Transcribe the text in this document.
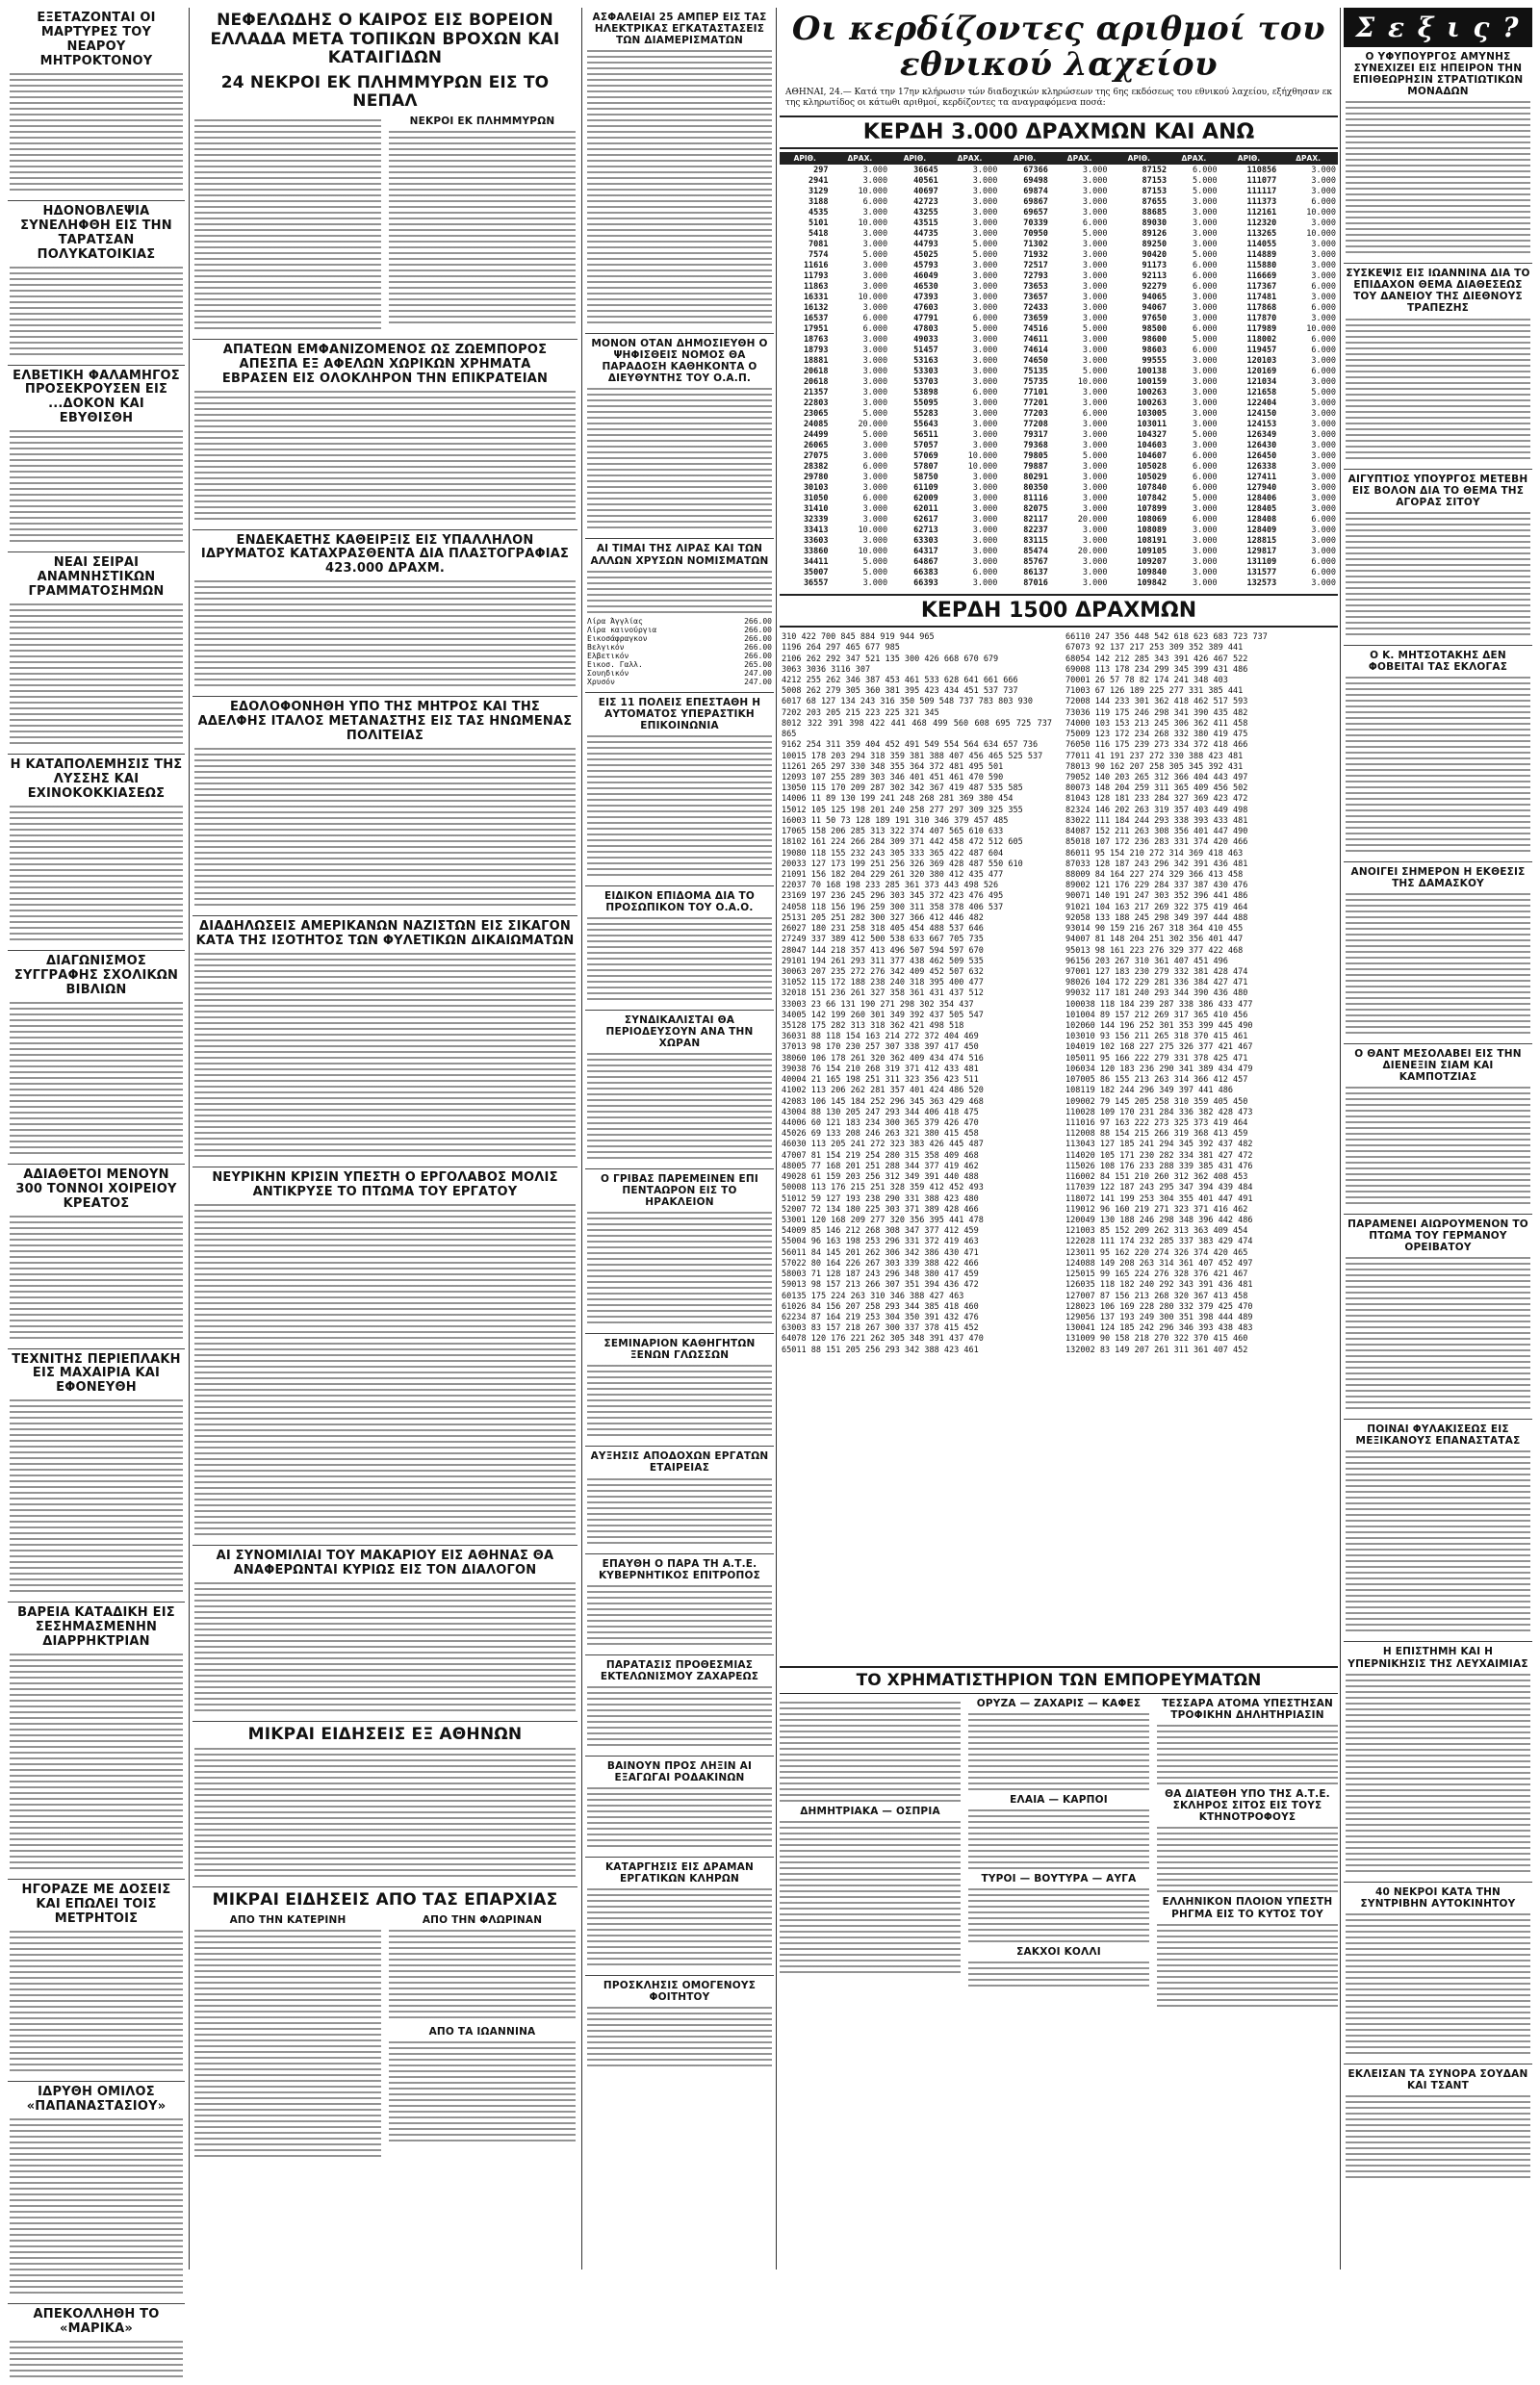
ΕΞΕΤΑΖΟΝΤΑΙ ΟΙ ΜΑΡΤΥΡΕΣ ΤΟΥ ΝΕΑΡΟΥ ΜΗΤΡΟΚΤΟΝΟΥ
ΗΔΟΝΟΒΛΕΨΙΑ ΣΥΝΕΛΗΦΘΗ ΕΙΣ ΤΗΝ ΤΑΡΑΤΣΑΝ ΠΟΛΥΚΑΤΟΙΚΙΑΣ
ΕΛΒΕΤΙΚΗ ΦΑΛΑΜΗΓΟΣ ΠΡΟΣΕΚΡΟΥΣΕΝ ΕΙΣ ...ΔΟΚΟΝ ΚΑΙ ΕΒΥΘΙΣΘΗ
ΝΕΑΙ ΣΕΙΡΑΙ ΑΝΑΜΝΗΣΤΙΚΩΝ ΓΡΑΜΜΑΤΟΣΗΜΩΝ
Η ΚΑΤΑΠΟΛΕΜΗΣΙΣ ΤΗΣ ΛΥΣΣΗΣ ΚΑΙ ΕΧΙΝΟΚΟΚΚΙΑΣΕΩΣ
ΔΙΑΓΩΝΙΣΜΟΣ ΣΥΓΓΡΑΦΗΣ ΣΧΟΛΙΚΩΝ ΒΙΒΛΙΩΝ
ΑΔΙΑΘΕΤΟΙ ΜΕΝΟΥΝ 300 ΤΟΝΝΟΙ ΧΟΙΡΕΙΟΥ ΚΡΕΑΤΟΣ
ΤΕΧΝΙΤΗΣ ΠΕΡΙΕΠΛΑΚΗ ΕΙΣ ΜΑΧΑΙΡΙΑ ΚΑΙ ΕΦΟΝΕΥΘΗ
ΒΑΡΕΙΑ ΚΑΤΑΔΙΚΗ ΕΙΣ ΣΕΣΗΜΑΣΜΕΝΗΝ ΔΙΑΡΡΗΚΤΡΙΑΝ
ΗΓΟΡΑΖΕ ΜΕ ΔΟΣΕΙΣ ΚΑΙ ΕΠΩΛΕΙ ΤΟΙΣ ΜΕΤΡΗΤΟΙΣ
ΙΔΡΥΘΗ ΟΜΙΛΟΣ «ΠΑΠΑΝΑΣΤΑΣΙΟΥ»
ΑΠΕΚΟΛΛΗΘΗ ΤΟ «ΜΑΡΙΚΑ»
ΝΕΦΕΛΩΔΗΣ Ο ΚΑΙΡΟΣ ΕΙΣ ΒΟΡΕΙΟΝ ΕΛΛΑΔΑ ΜΕΤΑ ΤΟΠΙΚΩΝ ΒΡΟΧΩΝ ΚΑΙ ΚΑΤΑΙΓΙΔΩΝ
24 ΝΕΚΡΟΙ ΕΚ ΠΛΗΜΜΥΡΩΝ ΕΙΣ ΤΟ ΝΕΠΑΛ
ΝΕΚΡΟΙ ΕΚ ΠΛΗΜΜΥΡΩΝ
ΑΠΑΤΕΩΝ ΕΜΦΑΝΙΖΟΜΕΝΟΣ ΩΣ ΖΩΕΜΠΟΡΟΣ ΑΠΕΣΠΑ ΕΞ ΑΦΕΛΩΝ ΧΩΡΙΚΩΝ ΧΡΗΜΑΤΑ
ΕΒΡΑΣΕΝ ΕΙΣ ΟΛΟΚΛΗΡΟΝ ΤΗΝ ΕΠΙΚΡΑΤΕΙΑΝ
ΕΝΔΕΚΑΕΤΗΣ ΚΑΘΕΙΡΞΙΣ ΕΙΣ ΥΠΑΛΛΗΛΟΝ ΙΔΡΥΜΑΤΟΣ ΚΑΤΑΧΡΑΣΘΕΝΤΑ ΔΙΑ ΠΛΑΣΤΟΓΡΑΦΙΑΣ 423.000 ΔΡΑΧΜ.
ΕΔΟΛΟΦΟΝΗΘΗ ΥΠΟ ΤΗΣ ΜΗΤΡΟΣ ΚΑΙ ΤΗΣ ΑΔΕΛΦΗΣ ΙΤΑΛΟΣ ΜΕΤΑΝΑΣΤΗΣ ΕΙΣ ΤΑΣ ΗΝΩΜΕΝΑΣ ΠΟΛΙΤΕΙΑΣ
ΔΙΑΔΗΛΩΣΕΙΣ ΑΜΕΡΙΚΑΝΩΝ ΝΑΖΙΣΤΩΝ ΕΙΣ ΣΙΚΑΓΟΝ ΚΑΤΑ ΤΗΣ ΙΣΟΤΗΤΟΣ ΤΩΝ ΦΥΛΕΤΙΚΩΝ ΔΙΚΑΙΩΜΑΤΩΝ
ΝΕΥΡΙΚΗΝ ΚΡΙΣΙΝ ΥΠΕΣΤΗ Ο ΕΡΓΟΛΑΒΟΣ ΜΟΛΙΣ ΑΝΤΙΚΡΥΣΕ ΤΟ ΠΤΩΜΑ ΤΟΥ ΕΡΓΑΤΟΥ
ΑΙ ΣΥΝΟΜΙΛΙΑΙ ΤΟΥ ΜΑΚΑΡΙΟΥ ΕΙΣ ΑΘΗΝΑΣ ΘΑ ΑΝΑΦΕΡΩΝΤΑΙ ΚΥΡΙΩΣ ΕΙΣ ΤΟΝ ΔΙΑΛΟΓΟΝ
ΜΙΚΡΑΙ ΕΙΔΗΣΕΙΣ ΕΞ ΑΘΗΝΩΝ
ΜΙΚΡΑΙ ΕΙΔΗΣΕΙΣ ΑΠΟ ΤΑΣ ΕΠΑΡΧΙΑΣ
ΑΠΟ ΤΗΝ ΚΑΤΕΡΙΝΗ	ΑΠΟ ΤΗΝ ΦΛΩΡΙΝΑΝ
ΑΠΟ ΤΑ ΙΩΑΝΝΙΝΑ
ΑΣΦΑΛΕΙΑΙ 25 ΑΜΠΕΡ ΕΙΣ ΤΑΣ ΗΛΕΚΤΡΙΚΑΣ ΕΓΚΑΤΑΣΤΑΣΕΙΣ ΤΩΝ ΔΙΑΜΕΡΙΣΜΑΤΩΝ
ΜΟΝΟΝ ΟΤΑΝ ΔΗΜΟΣΙΕΥΘΗ Ο ΨΗΦΙΣΘΕΙΣ ΝΟΜΟΣ ΘΑ ΠΑΡΑΔΟΣΗ ΚΑΘΗΚΟΝΤΑ Ο ΔΙΕΥΘΥΝΤΗΣ ΤΟΥ Ο.Α.Π.
ΑΙ ΤΙΜΑΙ ΤΗΣ ΛΙΡΑΣ ΚΑΙ ΤΩΝ ΑΛΛΩΝ ΧΡΥΣΩΝ ΝΟΜΙΣΜΑΤΩΝ
Λίρα Άγγλίας	266.00
Λίρα καινούργια	266.00
Εικοσάφραγκον	266.00
Βελγικόν	266.00
Ελβετικόν	266.00
Εικοσ. Γαλλ.	265.00
Σουηδικόν	247.00
Χρυσόν	247.00
ΕΙΣ 11 ΠΟΛΕΙΣ ΕΠΕΣΤΑΘΗ Η ΑΥΤΟΜΑΤΟΣ ΥΠΕΡΑΣΤΙΚΗ ΕΠΙΚΟΙΝΩΝΙΑ
ΕΙΔΙΚΟΝ ΕΠΙΔΟΜΑ ΔΙΑ ΤΟ ΠΡΟΣΩΠΙΚΟΝ ΤΟΥ Ο.Α.Ο.
ΣΥΝΔΙΚΑΛΙΣΤΑΙ ΘΑ ΠΕΡΙΟΔΕΥΣΟΥΝ ΑΝΑ ΤΗΝ ΧΩΡΑΝ
Ο ΓΡΙΒΑΣ ΠΑΡΕΜΕΙΝΕΝ ΕΠΙ ΠΕΝΤΑΩΡΟΝ ΕΙΣ ΤΟ ΗΡΑΚΛΕΙΟΝ
ΣΕΜΙΝΑΡΙΟΝ ΚΑΘΗΓΗΤΩΝ ΞΕΝΩΝ ΓΛΩΣΣΩΝ
ΑΥΞΗΣΙΣ ΑΠΟΔΟΧΩΝ ΕΡΓΑΤΩΝ ΕΤΑΙΡΕΙΑΣ
ΕΠΑΥΘΗ Ο ΠΑΡΑ ΤΗ Α.Τ.Ε. ΚΥΒΕΡΝΗΤΙΚΟΣ ΕΠΙΤΡΟΠΟΣ
ΠΑΡΑΤΑΣΙΣ ΠΡΟΘΕΣΜΙΑΣ ΕΚΤΕΛΩΝΙΣΜΟΥ ΖΑΧΑΡΕΩΣ
ΒΑΙΝΟΥΝ ΠΡΟΣ ΛΗΞΙΝ ΑΙ ΕΞΑΓΩΓΑΙ ΡΟΔΑΚΙΝΩΝ
ΚΑΤΑΡΓΗΣΙΣ ΕΙΣ ΔΡΑΜΑΝ ΕΡΓΑΤΙΚΩΝ ΚΛΗΡΩΝ
ΠΡΟΣΚΛΗΣΙΣ ΟΜΟΓΕΝΟΥΣ ΦΟΙΤΗΤΟΥ
Οι κερδίζοντες αριθμοί του εθνικού λαχείου
ΑΘΗΝΑΙ, 24.— Κατά την 17ην κλήρωσιν τών διαδοχικών κληρώσεων της 6ης εκδόσεως του εθνικού λαχείου, εξήχθησαν εκ της κληρωτίδος οι κάτωθι αριθμοί, κερδίζοντες τα αναγραφόμενα ποσά:
ΚΕΡΔΗ 3.000 ΔΡΑΧΜΩΝ ΚΑΙ ΑΝΩ
ΑΡΙΘ.	ΔΡΑΧ.	ΑΡΙΘ.	ΔΡΑΧ.	ΑΡΙΘ.	ΔΡΑΧ.	ΑΡΙΘ.	ΔΡΑΧ.	ΑΡΙΘ.	ΔΡΑΧ.
297	3.000	36645	3.000	67366	3.000	87152	6.000	110856	3.000
2941	3.000	40561	3.000	69498	3.000	87153	5.000	111077	3.000
3129	10.000	40697	3.000	69874	3.000	87153	5.000	111117	3.000
3188	6.000	42723	3.000	69867	3.000	87655	3.000	111373	6.000
4535	3.000	43255	3.000	69657	3.000	88685	3.000	112161	10.000
5101	10.000	43515	3.000	70339	6.000	89030	3.000	112320	3.000
5418	3.000	44735	3.000	70950	5.000	89126	3.000	113265	10.000
7081	3.000	44793	5.000	71302	3.000	89250	3.000	114055	3.000
7574	5.000	45025	5.000	71932	3.000	90420	5.000	114889	3.000
11616	3.000	45793	3.000	72517	3.000	91173	6.000	115880	3.000
11793	3.000	46049	3.000	72793	3.000	92113	6.000	116669	3.000
11863	3.000	46530	3.000	73653	3.000	92279	6.000	117367	6.000
16331	10.000	47393	3.000	73657	3.000	94065	3.000	117481	3.000
16132	3.000	47603	3.000	72433	3.000	94067	3.000	117868	6.000
16537	6.000	47791	6.000	73659	3.000	97650	3.000	117870	3.000
17951	6.000	47803	5.000	74516	5.000	98500	6.000	117989	10.000
18763	3.000	49033	3.000	74611	3.000	98600	5.000	118002	6.000
18793	3.000	51457	3.000	74614	3.000	98603	6.000	119457	6.000
18881	3.000	53163	3.000	74650	3.000	99555	3.000	120103	3.000
20618	3.000	53303	3.000	75135	5.000	100138	3.000	120169	6.000
20618	3.000	53703	3.000	75735	10.000	100159	3.000	121034	3.000
21357	3.000	53898	6.000	77101	3.000	100263	3.000	121658	5.000
22803	3.000	55095	3.000	77201	3.000	100263	3.000	122404	3.000
23065	5.000	55283	3.000	77203	6.000	103005	3.000	124150	3.000
24085	20.000	55643	3.000	77208	3.000	103011	3.000	124153	3.000
24499	5.000	56511	3.000	79317	3.000	104327	5.000	126349	3.000
26065	3.000	57057	3.000	79368	3.000	104603	3.000	126430	3.000
27075	3.000	57069	10.000	79805	5.000	104607	6.000	126450	3.000
28382	6.000	57807	10.000	79887	3.000	105028	6.000	126338	3.000
29780	3.000	58750	3.000	80291	3.000	105029	6.000	127411	3.000
30103	3.000	61109	3.000	80350	3.000	107840	6.000	127940	3.000
31050	6.000	62009	3.000	81116	3.000	107842	5.000	128406	3.000
31410	3.000	62011	3.000	82075	3.000	107899	3.000	128405	3.000
32339	3.000	62617	3.000	82117	20.000	108069	6.000	128408	6.000
33413	10.000	62713	3.000	82237	3.000	108089	3.000	128409	3.000
33603	3.000	63303	3.000	83115	3.000	108191	3.000	128815	3.000
33860	10.000	64317	3.000	85474	20.000	109105	3.000	129817	3.000
34411	5.000	64867	3.000	85767	3.000	109207	3.000	131109	6.000
35007	5.000	66383	6.000	86137	3.000	109840	3.000	131577	6.000
36557	3.000	66393	3.000	87016	3.000	109842	3.000	132573	3.000
ΚΕΡΔΗ 1500 ΔΡΑΧΜΩΝ
310 422 700 845 884 919 944 965
1196 264 297 465 677 985
2106 262 292 347 521 135 300 426 668 670 679
3063 3036 3116 307
4212 255 262 346 387 453 461 533 628 641 661 666
5008 262 279 305 360 381 395 423 434 451 537 737
6017 68 127 134 243 316 350 509 548 737 783 803 930
7202 203 205 215 223 225 321 345
8012 322 391 398 422 441 468 499 560 608 695 725 737 865
9162 254 311 359 404 452 491 549 554 564 634 657 736
10015 178 203 294 318 359 381 388 407 456 465 525 537
11261 265 297 330 348 355 364 372 481 495 501
12093 107 255 289 303 346 401 451 461 470 590
13050 115 170 209 287 302 342 367 419 487 535 585
14006 11 89 130 199 241 248 268 281 369 380 454
15012 105 125 198 201 240 258 277 297 309 325 355
16003 11 50 73 128 189 191 310 346 379 457 485
17065 158 206 285 313 322 374 407 565 610 633
18102 161 224 266 284 309 371 442 458 472 512 605
19080 118 155 232 243 305 333 365 422 487 604
20033 127 173 199 251 256 326 369 428 487 550 610
21091 156 182 204 229 261 320 380 412 435 477
22037 70 168 198 233 285 361 373 443 498 526
23169 197 236 245 296 303 345 372 423 476 495
24058 118 156 196 259 300 311 358 378 406 537
25131 205 251 282 300 327 366 412 446 482
26027 180 231 258 318 405 454 488 537 646
27249 337 389 412 500 538 633 667 705 735
28047 144 218 357 413 496 507 594 597 670
29101 194 261 293 311 377 438 462 509 535
30063 207 235 272 276 342 409 452 507 632
31052 115 172 188 238 240 318 395 400 477
32018 151 236 261 327 358 361 431 437 512
33003 23 66 131 190 271 298 302 354 437
34005 142 199 260 301 349 392 437 505 547
35128 175 282 313 318 362 421 498 518
36031 88 118 154 163 214 272 372 404 469
37013 98 170 230 257 307 338 397 417 450
38060 106 178 261 320 362 409 434 474 516
39038 76 154 210 268 319 371 412 433 481
40004 21 165 198 251 311 323 356 423 511
41002 113 206 262 281 357 401 424 486 520
42083 106 145 184 252 296 345 363 429 468
43004 88 130 205 247 293 344 406 418 475
44006 60 121 183 234 300 365 379 426 470
45026 69 133 208 246 263 321 380 415 458
46030 113 205 241 272 323 383 426 445 487
47007 81 154 219 254 280 315 358 409 468
48005 77 168 201 251 288 344 377 419 462
49028 61 159 203 256 312 349 391 440 488
50008 113 176 215 251 328 359 412 452 493
51012 59 127 193 238 290 331 388 423 480
52007 72 134 180 225 303 371 389 428 466
53001 120 168 209 277 320 356 395 441 478
54009 85 146 212 268 308 347 377 412 459
55004 96 163 198 253 296 331 372 419 463
56011 84 145 201 262 306 342 386 430 471
57022 80 164 226 267 303 339 388 422 466
58003 71 128 187 243 296 348 380 417 459
59013 98 157 213 266 307 351 394 436 472
60135 175 224 263 310 346 388 427 463
61026 84 156 207 258 293 344 385 418 460
62234 87 164 219 253 304 350 391 432 476
63003 83 157 218 267 300 337 378 415 452
64078 120 176 221 262 305 348 391 437 470
65011 88 151 205 256 293 342 388 423 461
66110 247 356 448 542 618 623 683 723 737
67073 92 137 217 253 309 352 389 441
68054 142 212 285 343 391 426 467 522
69008 113 178 234 299 345 399 431 486
70001 26 57 78 82 174 241 348 403
71003 67 126 189 225 277 331 385 441
72008 144 233 301 362 418 462 517 593
73036 119 175 246 298 341 390 435 482
74000 103 153 213 245 306 362 411 458
75009 123 172 234 268 332 380 419 475
76050 116 175 239 273 334 372 418 466
77011 41 191 237 272 330 388 423 481
78013 90 162 207 258 305 345 392 431
79052 140 203 265 312 366 404 443 497
80073 148 204 259 311 365 409 456 502
81043 128 181 233 284 327 369 423 472
82324 146 202 263 319 357 403 449 498
83022 111 184 244 293 338 393 433 481
84087 152 211 263 308 356 401 447 490
85018 107 172 236 283 331 374 420 466
86011 95 154 210 272 314 369 418 463
87033 128 187 243 296 342 391 436 481
88009 84 164 227 274 329 366 413 458
89002 121 176 229 284 337 387 430 476
90071 140 191 247 303 352 396 441 486
91021 104 163 217 269 322 375 419 464
92058 133 188 245 298 349 397 444 488
93014 90 159 216 267 318 364 410 455
94007 81 148 204 251 302 356 401 447
95013 98 161 223 276 329 377 422 468
96156 203 267 310 361 407 451 496
97001 127 183 230 279 332 381 428 474
98026 104 172 229 281 336 384 427 471
99032 117 181 240 293 344 390 436 480
100038 118 184 239 287 338 386 433 477
101004 89 157 212 269 317 365 410 456
102060 144 196 252 301 353 399 445 490
103010 93 156 211 265 318 370 415 461
104019 102 168 227 275 326 377 421 467
105011 95 166 222 279 331 378 425 471
106034 120 183 236 290 341 389 434 479
107005 86 155 213 263 314 366 412 457
108119 182 244 296 349 397 441 486
109002 79 145 205 258 310 359 405 450
110028 109 170 231 284 336 382 428 473
111016 97 163 222 273 325 373 419 464
112008 88 154 215 266 319 368 413 459
113043 127 185 241 294 345 392 437 482
114020 105 171 230 282 334 381 427 472
115026 108 176 233 288 339 385 431 476
116002 84 151 210 260 312 362 408 453
117039 122 187 243 295 347 394 439 484
118072 141 199 253 304 355 401 447 491
119012 96 160 219 271 323 371 416 462
120049 130 188 246 298 348 396 442 486
121003 85 152 209 262 313 363 409 454
122028 111 174 232 285 337 383 429 474
123011 95 162 220 274 326 374 420 465
124088 149 208 263 314 361 407 452 497
125015 99 165 224 276 328 376 421 467
126035 118 182 240 292 343 391 436 481
127007 87 156 213 268 320 367 413 458
128023 106 169 228 280 332 379 425 470
129056 137 193 249 300 351 398 444 489
130041 124 185 242 296 346 393 438 483
131009 90 158 218 270 322 370 415 460
132002 83 149 207 261 311 361 407 452
ΤΟ ΧΡΗΜΑΤΙΣΤΗΡΙΟΝ ΤΩΝ ΕΜΠΟΡΕΥΜΑΤΩΝ
ΔΗΜΗΤΡΙΑΚΑ — ΟΣΠΡΙΑ
ΟΡΥΖΑ — ΖΑΧΑΡΙΣ — ΚΑΦΕΣ
ΕΛΑΙΑ — ΚΑΡΠΟΙ
ΤΥΡΟΙ — ΒΟΥΤΥΡΑ — ΑΥΓΑ
ΣΑΚΧΟΙ ΚΟΛΛΙ
ΤΕΣΣΑΡΑ ΑΤΟΜΑ ΥΠΕΣΤΗΣΑΝ ΤΡΟΦΙΚΗΝ ΔΗΛΗΤΗΡΙΑΣΙΝ
ΘΑ ΔΙΑΤΕΘΗ ΥΠΟ ΤΗΣ Α.Τ.Ε. ΣΚΛΗΡΟΣ ΣΙΤΟΣ ΕΙΣ ΤΟΥΣ ΚΤΗΝΟΤΡΟΦΟΥΣ
ΕΛΛΗΝΙΚΟΝ ΠΛΟΙΟΝ ΥΠΕΣΤΗ ΡΗΓΜΑ ΕΙΣ ΤΟ ΚΥΤΟΣ ΤΟΥ
Σ ε ξ ι ς ?
Ο ΥΦΥΠΟΥΡΓΟΣ ΑΜΥΝΗΣ ΣΥΝΕΧΙΖΕΙ ΕΙΣ ΗΠΕΙΡΟΝ ΤΗΝ ΕΠΙΘΕΩΡΗΣΙΝ ΣΤΡΑΤΙΩΤΙΚΩΝ ΜΟΝΑΔΩΝ
ΣΥΣΚΕΨΙΣ ΕΙΣ ΙΩΑΝΝΙΝΑ ΔΙΑ ΤΟ ΕΠΙΔΑΧΟΝ ΘΕΜΑ ΔΙΑΘΕΣΕΩΣ ΤΟΥ ΔΑΝΕΙΟΥ ΤΗΣ ΔΙΕΘΝΟΥΣ ΤΡΑΠΕΖΗΣ
ΑΙΓΥΠΤΙΟΣ ΥΠΟΥΡΓΟΣ ΜΕΤΕΒΗ ΕΙΣ ΒΟΛΟΝ ΔΙΑ ΤΟ ΘΕΜΑ ΤΗΣ ΑΓΟΡΑΣ ΣΙΤΟΥ
Ο Κ. ΜΗΤΣΟΤΑΚΗΣ ΔΕΝ ΦΟΒΕΙΤΑΙ ΤΑΣ ΕΚΛΟΓΑΣ
ΑΝΟΙΓΕΙ ΣΗΜΕΡΟΝ Η ΕΚΘΕΣΙΣ ΤΗΣ ΔΑΜΑΣΚΟΥ
Ο ΘΑΝΤ ΜΕΣΟΛΑΒΕΙ ΕΙΣ ΤΗΝ ΔΙΕΝΕΞΙΝ ΣΙΑΜ ΚΑΙ ΚΑΜΠΟΤΖΙΑΣ
ΠΑΡΑΜΕΝΕΙ ΑΙΩΡΟΥΜΕΝΟΝ ΤΟ ΠΤΩΜΑ ΤΟΥ ΓΕΡΜΑΝΟΥ ΟΡΕΙΒΑΤΟΥ
ΠΟΙΝΑΙ ΦΥΛΑΚΙΣΕΩΣ ΕΙΣ ΜΕΞΙΚΑΝΟΥΣ ΕΠΑΝΑΣΤΑΤΑΣ
Η ΕΠΙΣΤΗΜΗ ΚΑΙ Η ΥΠΕΡΝΙΚΗΣΙΣ ΤΗΣ ΛΕΥΧΑΙΜΙΑΣ
40 ΝΕΚΡΟΙ ΚΑΤΑ ΤΗΝ ΣΥΝΤΡΙΒΗΝ ΑΥΤΟΚΙΝΗΤΟΥ
ΕΚΛΕΙΣΑΝ ΤΑ ΣΥΝΟΡΑ ΣΟΥΔΑΝ ΚΑΙ ΤΣΑΝΤ
